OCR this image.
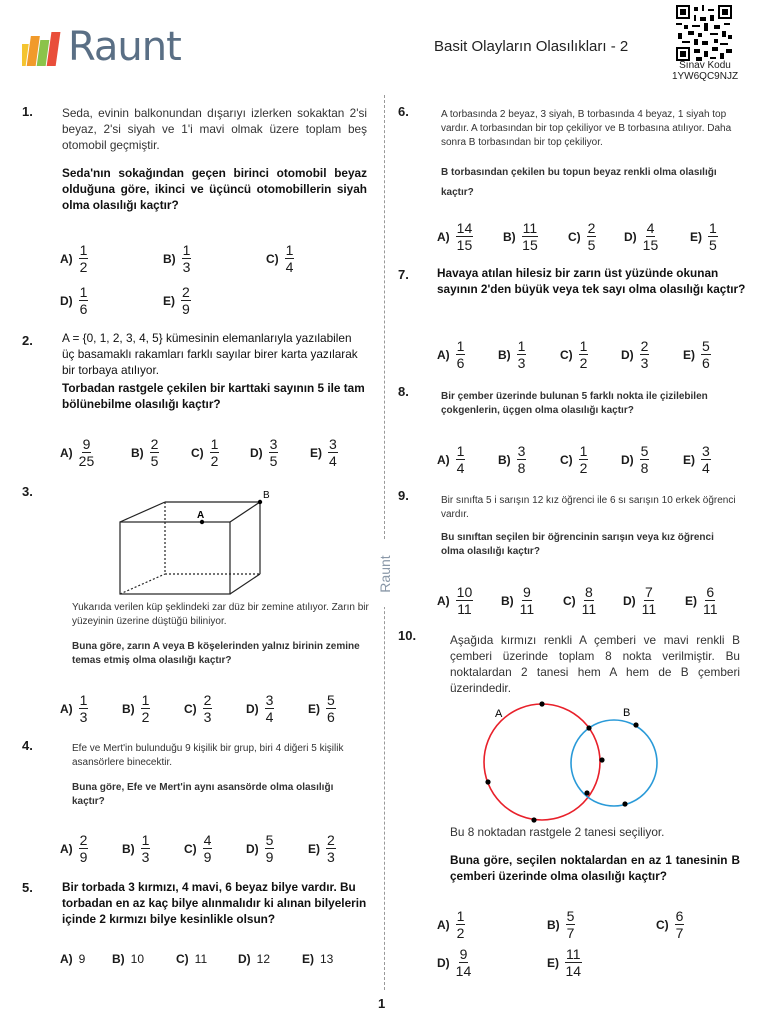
Raunt	Basit Olayların Olasılıkları - 2
Sınav Kodu
1YW6QC9NJZ
Raunt
1. Seda, evinin balkonundan dışarıyı izlerken sokaktan 2'si beyaz, 2'si siyah ve 1'i mavi olmak üzere toplam beş otomobil geçmiştir.
Seda'nın sokağından geçen birinci otomobil beyaz olduğuna göre, ikinci ve üçüncü otomobillerin siyah olma olasılığı kaçtır?
$A) \frac{1}{2}$	$B) \frac{1}{3}$	$C) \frac{1}{4}$
$D) \frac{1}{6}$	$E) \frac{2}{9}$
2. A = {0, 1, 2, 3, 4, 5} kümesinin elemanlarıyla yazılabilen üç basamaklı rakamları farklı sayılar birer karta yazılarak bir torbaya atılıyor.
Torbadan rastgele çekilen bir karttaki sayının 5 ile tam bölünebilme olasılığı kaçtır?
$A) \frac{9}{25}$	$B) \frac{2}{5}$	$C) \frac{1}{2}$	$D) \frac{3}{5}$	$E) \frac{3}{4}$
3.
A
B
Yukarıda verilen küp şeklindeki zar düz bir zemine atılıyor. Zarın bir yüzeyinin üzerine düştüğü biliniyor.
Buna göre, zarın A veya B köşelerinden yalnız birinin zemine temas etmiş olma olasılığı kaçtır?
$A) \frac{1}{3}$	$B) \frac{1}{2}$	$C) \frac{2}{3}$	$D) \frac{3}{4}$	$E) \frac{5}{6}$
4.	Efe ve Mert'in bulunduğu 9 kişilik bir grup, biri 4 diğeri 5 kişilik asansörlere binecektir.
Buna göre, Efe ve Mert'in aynı asansörde olma olasılığı kaçtır?
$A) \frac{2}{9}$	$B) \frac{1}{3}$	$C) \frac{4}{9}$	$D) \frac{5}{9}$	$E) \frac{2}{3}$
5. Bir torbada 3 kırmızı, 4 mavi, 6 beyaz bilye vardır. Bu torbadan en az kaç bilye alınmalıdır ki alınan bilyelerin içinde 2 kırmızı bilye kesinlikle olsun?
A) 9 B) 10	C) 11	D) 12	E) 13
6.	A torbasında 2 beyaz, 3 siyah, B torbasında 4 beyaz, 1 siyah top vardır. A torbasından bir top çekiliyor ve B torbasına atılıyor. Daha sonra B torbasından bir top çekiliyor.
B torbasından çekilen bu topun beyaz renkli olma olasılığı kaçtır?
$A) \frac{14}{15} B) \frac{11}{15} C) \frac{2}{5} D) \frac{4}{15}$	$E) \frac{1}{5}$
7. Havaya atılan hilesiz bir zarın üst yüzünde okunan sayının 2'den büyük veya tek sayı olma olasılığı kaçtır?
$A) \frac{1}{6}$	$B) \frac{1}{3}$	$C) \frac{1}{2}$	$D) \frac{2}{3}$	$E) \frac{5}{6}$
8.	Bir çember üzerinde bulunan 5 farklı nokta ile çizilebilen çokgenlerin, üçgen olma olasılığı kaçtır?
$A) \frac{1}{4}$	$B) \frac{3}{8}$	$C) \frac{1}{2}$	$D) \frac{5}{8}$	$E) \frac{3}{4}$
9.	Bir sınıfta 5 i sarışın 12 kız öğrenci ile 6 sı sarışın 10 erkek öğrenci vardır.
Bu sınıftan seçilen bir öğrencinin sarışın veya kız öğrenci olma olasılığı kaçtır?
$A) \frac{10}{11} B) \frac{9}{11} C) \frac{8}{11} D) \frac{7}{11} E) \frac{6}{11}$
10.	Aşağıda kırmızı renkli A çemberi ve mavi renkli B çemberi üzerinde toplam 8 nokta verilmiştir. Bu noktalardan 2 tanesi hem A hem de B çemberi üzerindedir.
A	B
Bu 8 noktadan rastgele 2 tanesi seçiliyor.
Buna göre, seçilen noktalardan en az 1 tanesinin B çemberi üzerinde olma olasılığı kaçtır?
$A) \frac{1}{2}$	$B) \frac{5}{7}$	$C) \frac{6}{7}$
$D) \frac{9}{14}$	$E) \frac{11}{14}$
1
